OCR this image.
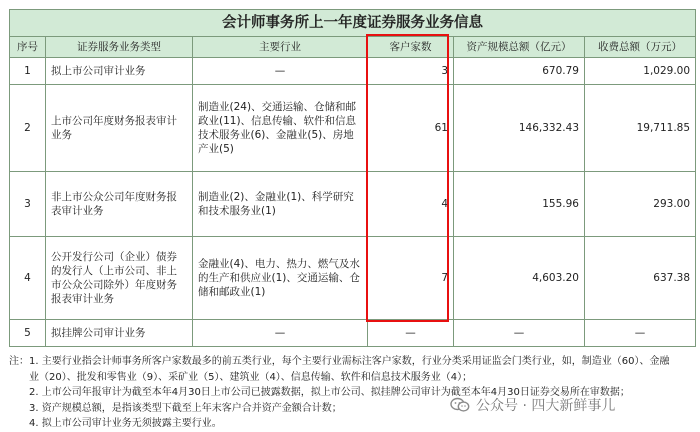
会计师事务所上一年度证券服务业务信息					
序号	证券服务业务类型	主要行业	客户家数	资产规模总额（亿元）	收费总额（万元）
1	拟上市公司审计业务	—	3	670.79	1,029.00
2	上市公司年度财务报表审计业务	制造业(24)、交通运输、仓储和邮政业(11)、信息传输、软件和信息技术服务业(6)、金融业(5)、房地产业(5)	61	146,332.43	19,711.85
3	非上市公众公司年度财务报表审计业务	制造业(2)、金融业(1)、科学研究和技术服务业(1)	4	155.96	293.00
4	公开发行公司（企业）债券的发行人（上市公司、非上市公众公司除外）年度财务报表审计业务	金融业(4)、电力、热力、燃气及水的生产和供应业(1)、交通运输、仓储和邮政业(1)	7	4,603.20	637.38
5	拟挂牌公司审计业务	—	—	—	—
注： 1. 主要行业指会计师事务所客户家数最多的前五类行业，每个主要行业需标注客户家数，行业分类采用证监会门类行业，如，制造业（60）、金融业（20）、批发和零售业（9）、采矿业（5）、建筑业（4）、信息传输、软件和信息技术服务业（4）；
2. 上市公司年报审计为截至本年4月30日上市公司已披露数据，拟上市公司、拟挂牌公司审计为截至本年4月30日证券交易所在审数据；
3. 资产规模总额，是指该类型下截至上年末客户合并资产金额合计数；
4. 拟上市公司审计业务无须披露主要行业。
公众号 · 四大新鲜事儿
